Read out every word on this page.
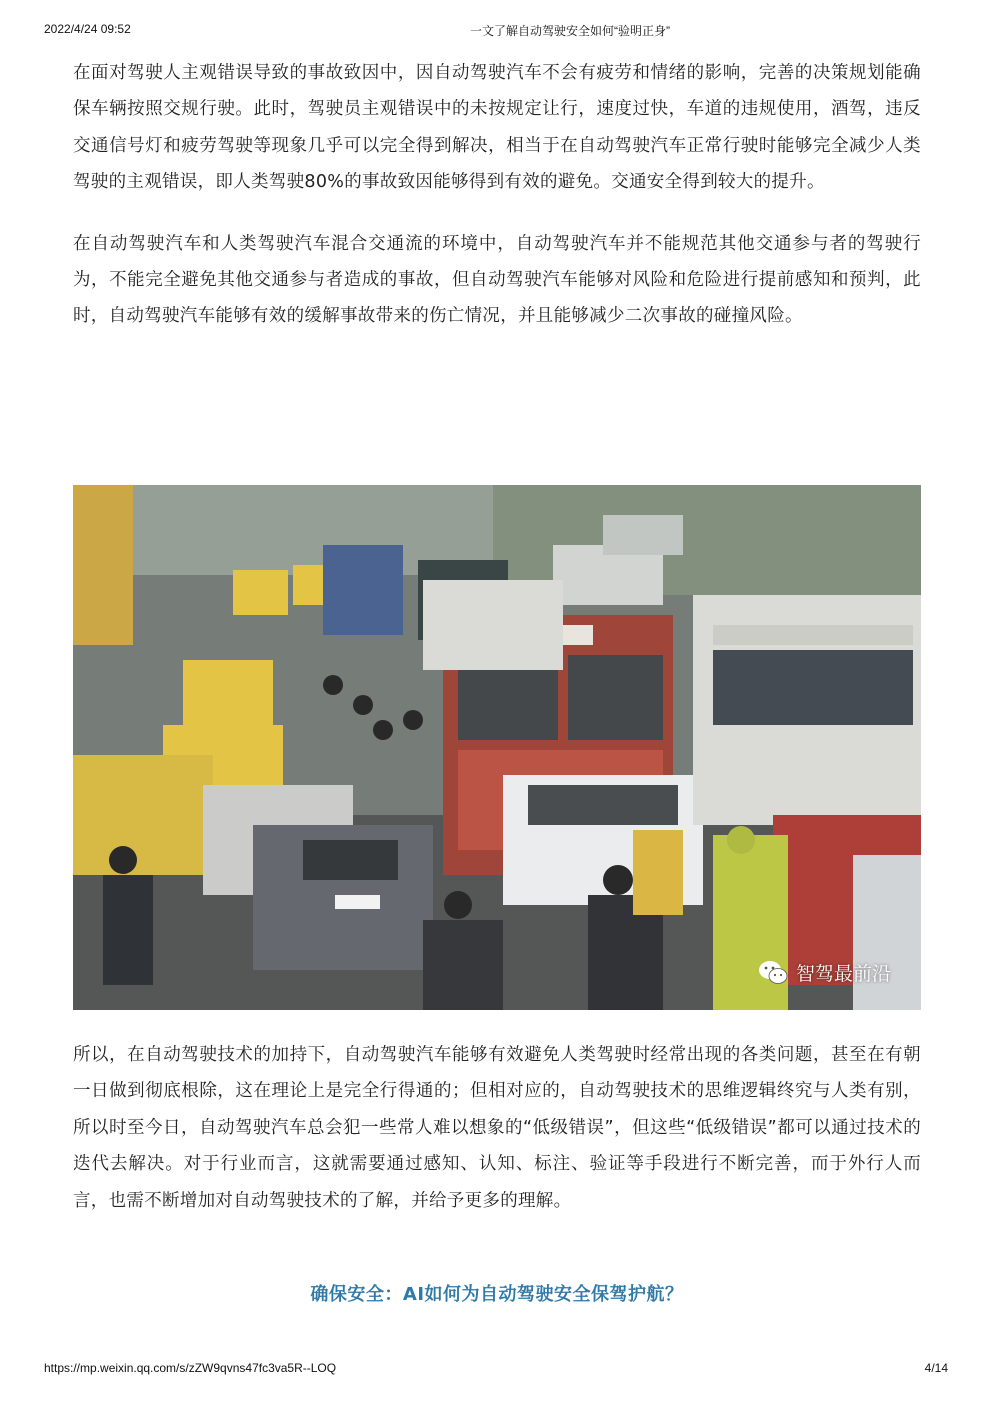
2022/4/24 09:52	一文了解自动驾驶安全如何“验明正身”

在面对驾驶人主观错误导致的事故致因中，因自动驾驶汽车不会有疲劳和情绪的影响，完善的决策规划能确保车辆按照交规行驶。此时，驾驶员主观错误中的未按规定让行，速度过快，车道的违规使用，酒驾，违反交通信号灯和疲劳驾驶等现象几乎可以完全得到解决，相当于在自动驾驶汽车正常行驶时能够完全减少人类驾驶的主观错误，即人类驾驶80%的事故致因能够得到有效的避免。交通安全得到较大的提升。

在自动驾驶汽车和人类驾驶汽车混合交通流的环境中，自动驾驶汽车并不能规范其他交通参与者的驾驶行为，不能完全避免其他交通参与者造成的事故，但自动驾驶汽车能够对风险和危险进行提前感知和预判，此时，自动驾驶汽车能够有效的缓解事故带来的伤亡情况，并且能够减少二次事故的碰撞风险。

智驾最前沿

所以，在自动驾驶技术的加持下，自动驾驶汽车能够有效避免人类驾驶时经常出现的各类问题，甚至在有朝一日做到彻底根除，这在理论上是完全行得通的；但相对应的，自动驾驶技术的思维逻辑终究与人类有别，所以时至今日，自动驾驶汽车总会犯一些常人难以想象的“低级错误”，但这些“低级错误”都可以通过技术的迭代去解决。对于行业而言，这就需要通过感知、认知、标注、验证等手段进行不断完善，而于外行人而言，也需不断增加对自动驾驶技术的了解，并给予更多的理解。

确保安全：AI如何为自动驾驶安全保驾护航？
https://mp.weixin.qq.com/s/zZW9qvns47fc3va5R--LOQ	4/14
